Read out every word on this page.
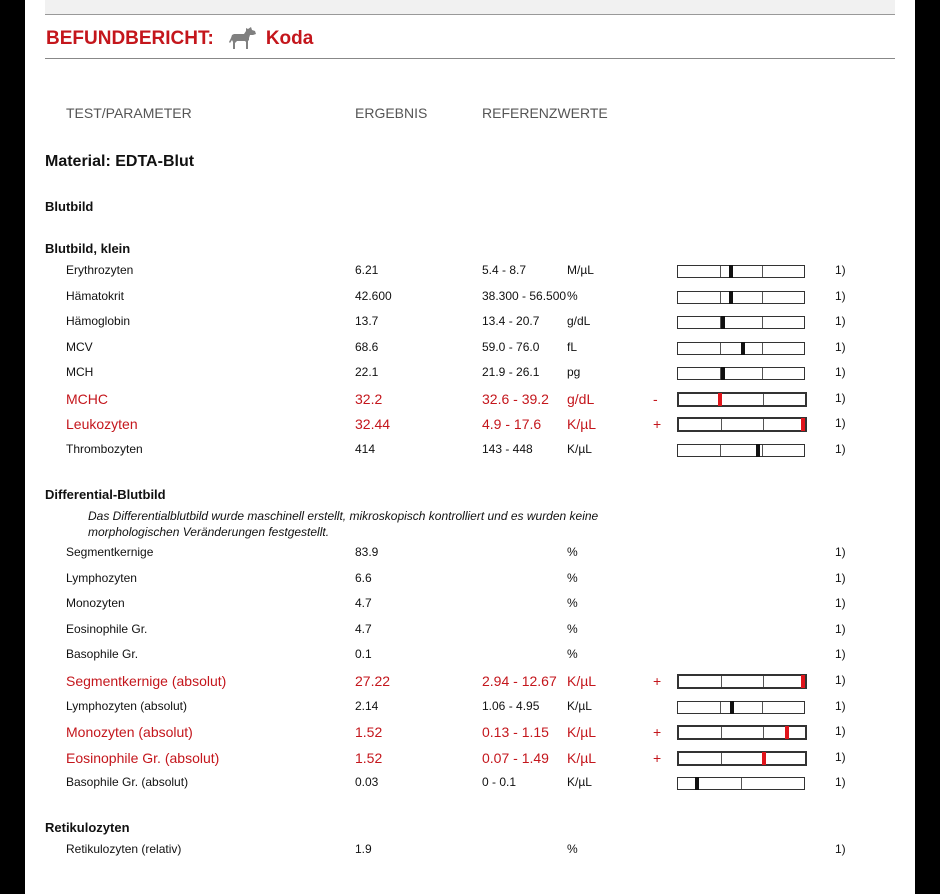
BEFUNDBERICHT:	Koda
TEST/PARAMETER	ERGEBNIS	REFERENZWERTE
Material: EDTA-Blut
Blutbild
Blutbild, klein
Erythrozyten	6.21	5.4 - 8.7	M/µL	1)
Hämatokrit	42.600	38.300 - 56.500 %	1)
Hämoglobin	13.7	13.4 - 20.7 g/dL	1)
MCV	68.6	59.0 - 76.0 fL	1)
MCH	22.1	21.9 - 26.1 pg	1)
MCHC	32.2	32.6 - 39.2 g/dL	-	1)
Leukozyten	32.44	4.9 - 17.6 K/µL	+	1)
Thrombozyten	414	143 - 448	K/µL	1)
Differential-Blutbild
Das Differentialblutbild wurde maschinell erstellt, mikroskopisch kontrolliert und es wurden keine morphologischen Veränderungen festgestellt.
Segmentkernige	83.9	%	1)
Lymphozyten	6.6	%	1)
Monozyten	4.7	%	1)
Eosinophile Gr.	4.7	%	1)
Basophile Gr.	0.1	%	1)
Segmentkernige (absolut)	27.22	2.94 - 12.67 K/µL	+	1)
Lymphozyten (absolut)	2.14	1.06 - 4.95 K/µL	1)
Monozyten (absolut)	1.52	0.13 - 1.15 K/µL	+	1)
Eosinophile Gr. (absolut)	1.52	0.07 - 1.49 K/µL	+	1)
Basophile Gr. (absolut)	0.03	0 - 0.1	K/µL	1)
Retikulozyten
Retikulozyten (relativ)	1.9	%	1)
